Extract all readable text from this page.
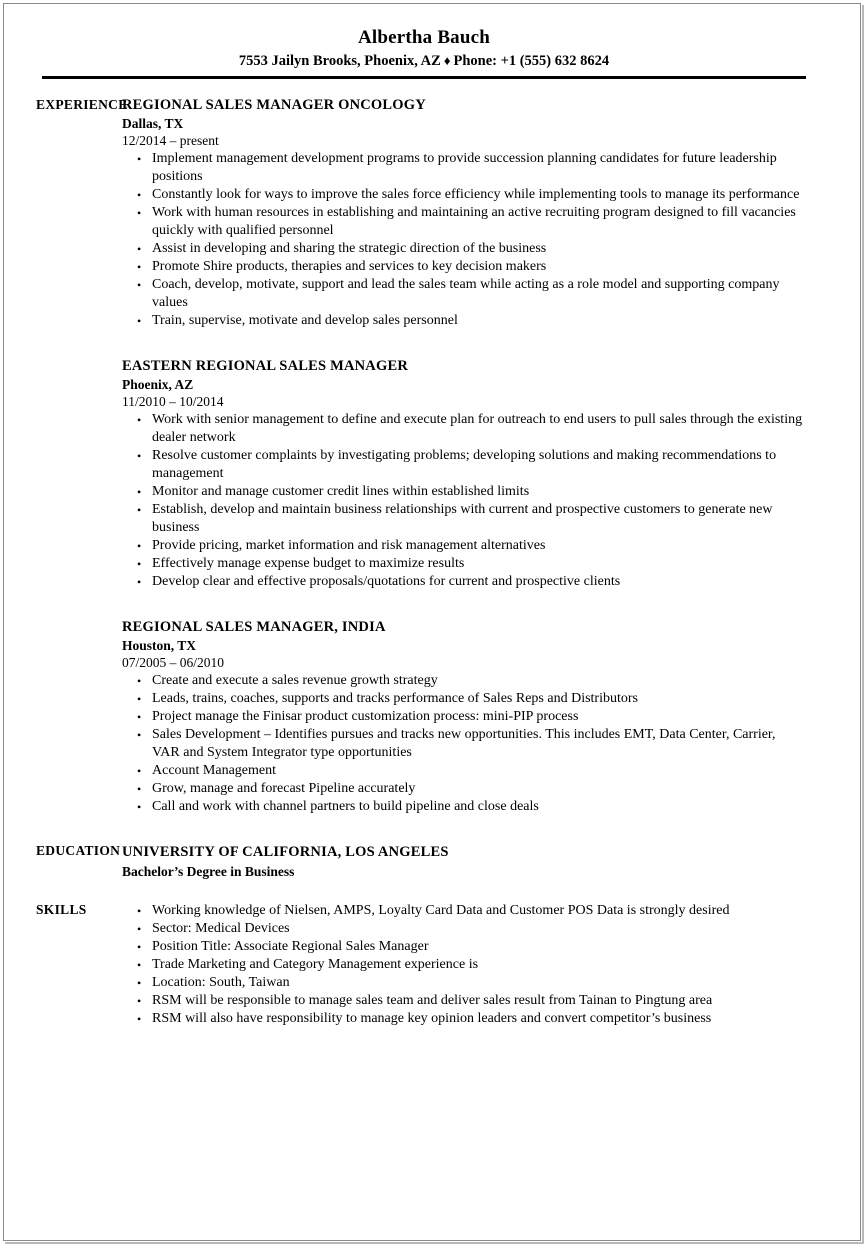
Albertha Bauch
7553 Jailyn Brooks, Phoenix, AZ ♦ Phone: +1 (555) 632 8624
EXPERIENCE
REGIONAL SALES MANAGER ONCOLOGY
Dallas, TX
12/2014 – present
• Implement management development programs to provide succession planning candidates for future leadership positions
• Constantly look for ways to improve the sales force efficiency while implementing tools to manage its performance
• Work with human resources in establishing and maintaining an active recruiting program designed to fill vacancies quickly with qualified personnel
• Assist in developing and sharing the strategic direction of the business
• Promote Shire products, therapies and services to key decision makers
• Coach, develop, motivate, support and lead the sales team while acting as a role model and supporting company values
• Train, supervise, motivate and develop sales personnel
EASTERN REGIONAL SALES MANAGER
Phoenix, AZ
11/2010 – 10/2014
• Work with senior management to define and execute plan for outreach to end users to pull sales through the existing dealer network
• Resolve customer complaints by investigating problems; developing solutions and making recommendations to management
• Monitor and manage customer credit lines within established limits
• Establish, develop and maintain business relationships with current and prospective customers to generate new business
• Provide pricing, market information and risk management alternatives
• Effectively manage expense budget to maximize results
• Develop clear and effective proposals/quotations for current and prospective clients
REGIONAL SALES MANAGER, INDIA
Houston, TX
07/2005 – 06/2010
• Create and execute a sales revenue growth strategy
• Leads, trains, coaches, supports and tracks performance of Sales Reps and Distributors
• Project manage the Finisar product customization process: mini-PIP process
• Sales Development – Identifies pursues and tracks new opportunities. This includes EMT, Data Center, Carrier, VAR and System Integrator type opportunities
• Account Management
• Grow, manage and forecast Pipeline accurately
• Call and work with channel partners to build pipeline and close deals
EDUCATION UNIVERSITY OF CALIFORNIA, LOS ANGELES
Bachelor’s Degree in Business
SKILLS	• Working knowledge of Nielsen, AMPS, Loyalty Card Data and Customer POS Data is strongly desired
• Sector: Medical Devices
• Position Title: Associate Regional Sales Manager
• Trade Marketing and Category Management experience is
• Location: South, Taiwan
• RSM will be responsible to manage sales team and deliver sales result from Tainan to Pingtung area
• RSM will also have responsibility to manage key opinion leaders and convert competitor’s business
